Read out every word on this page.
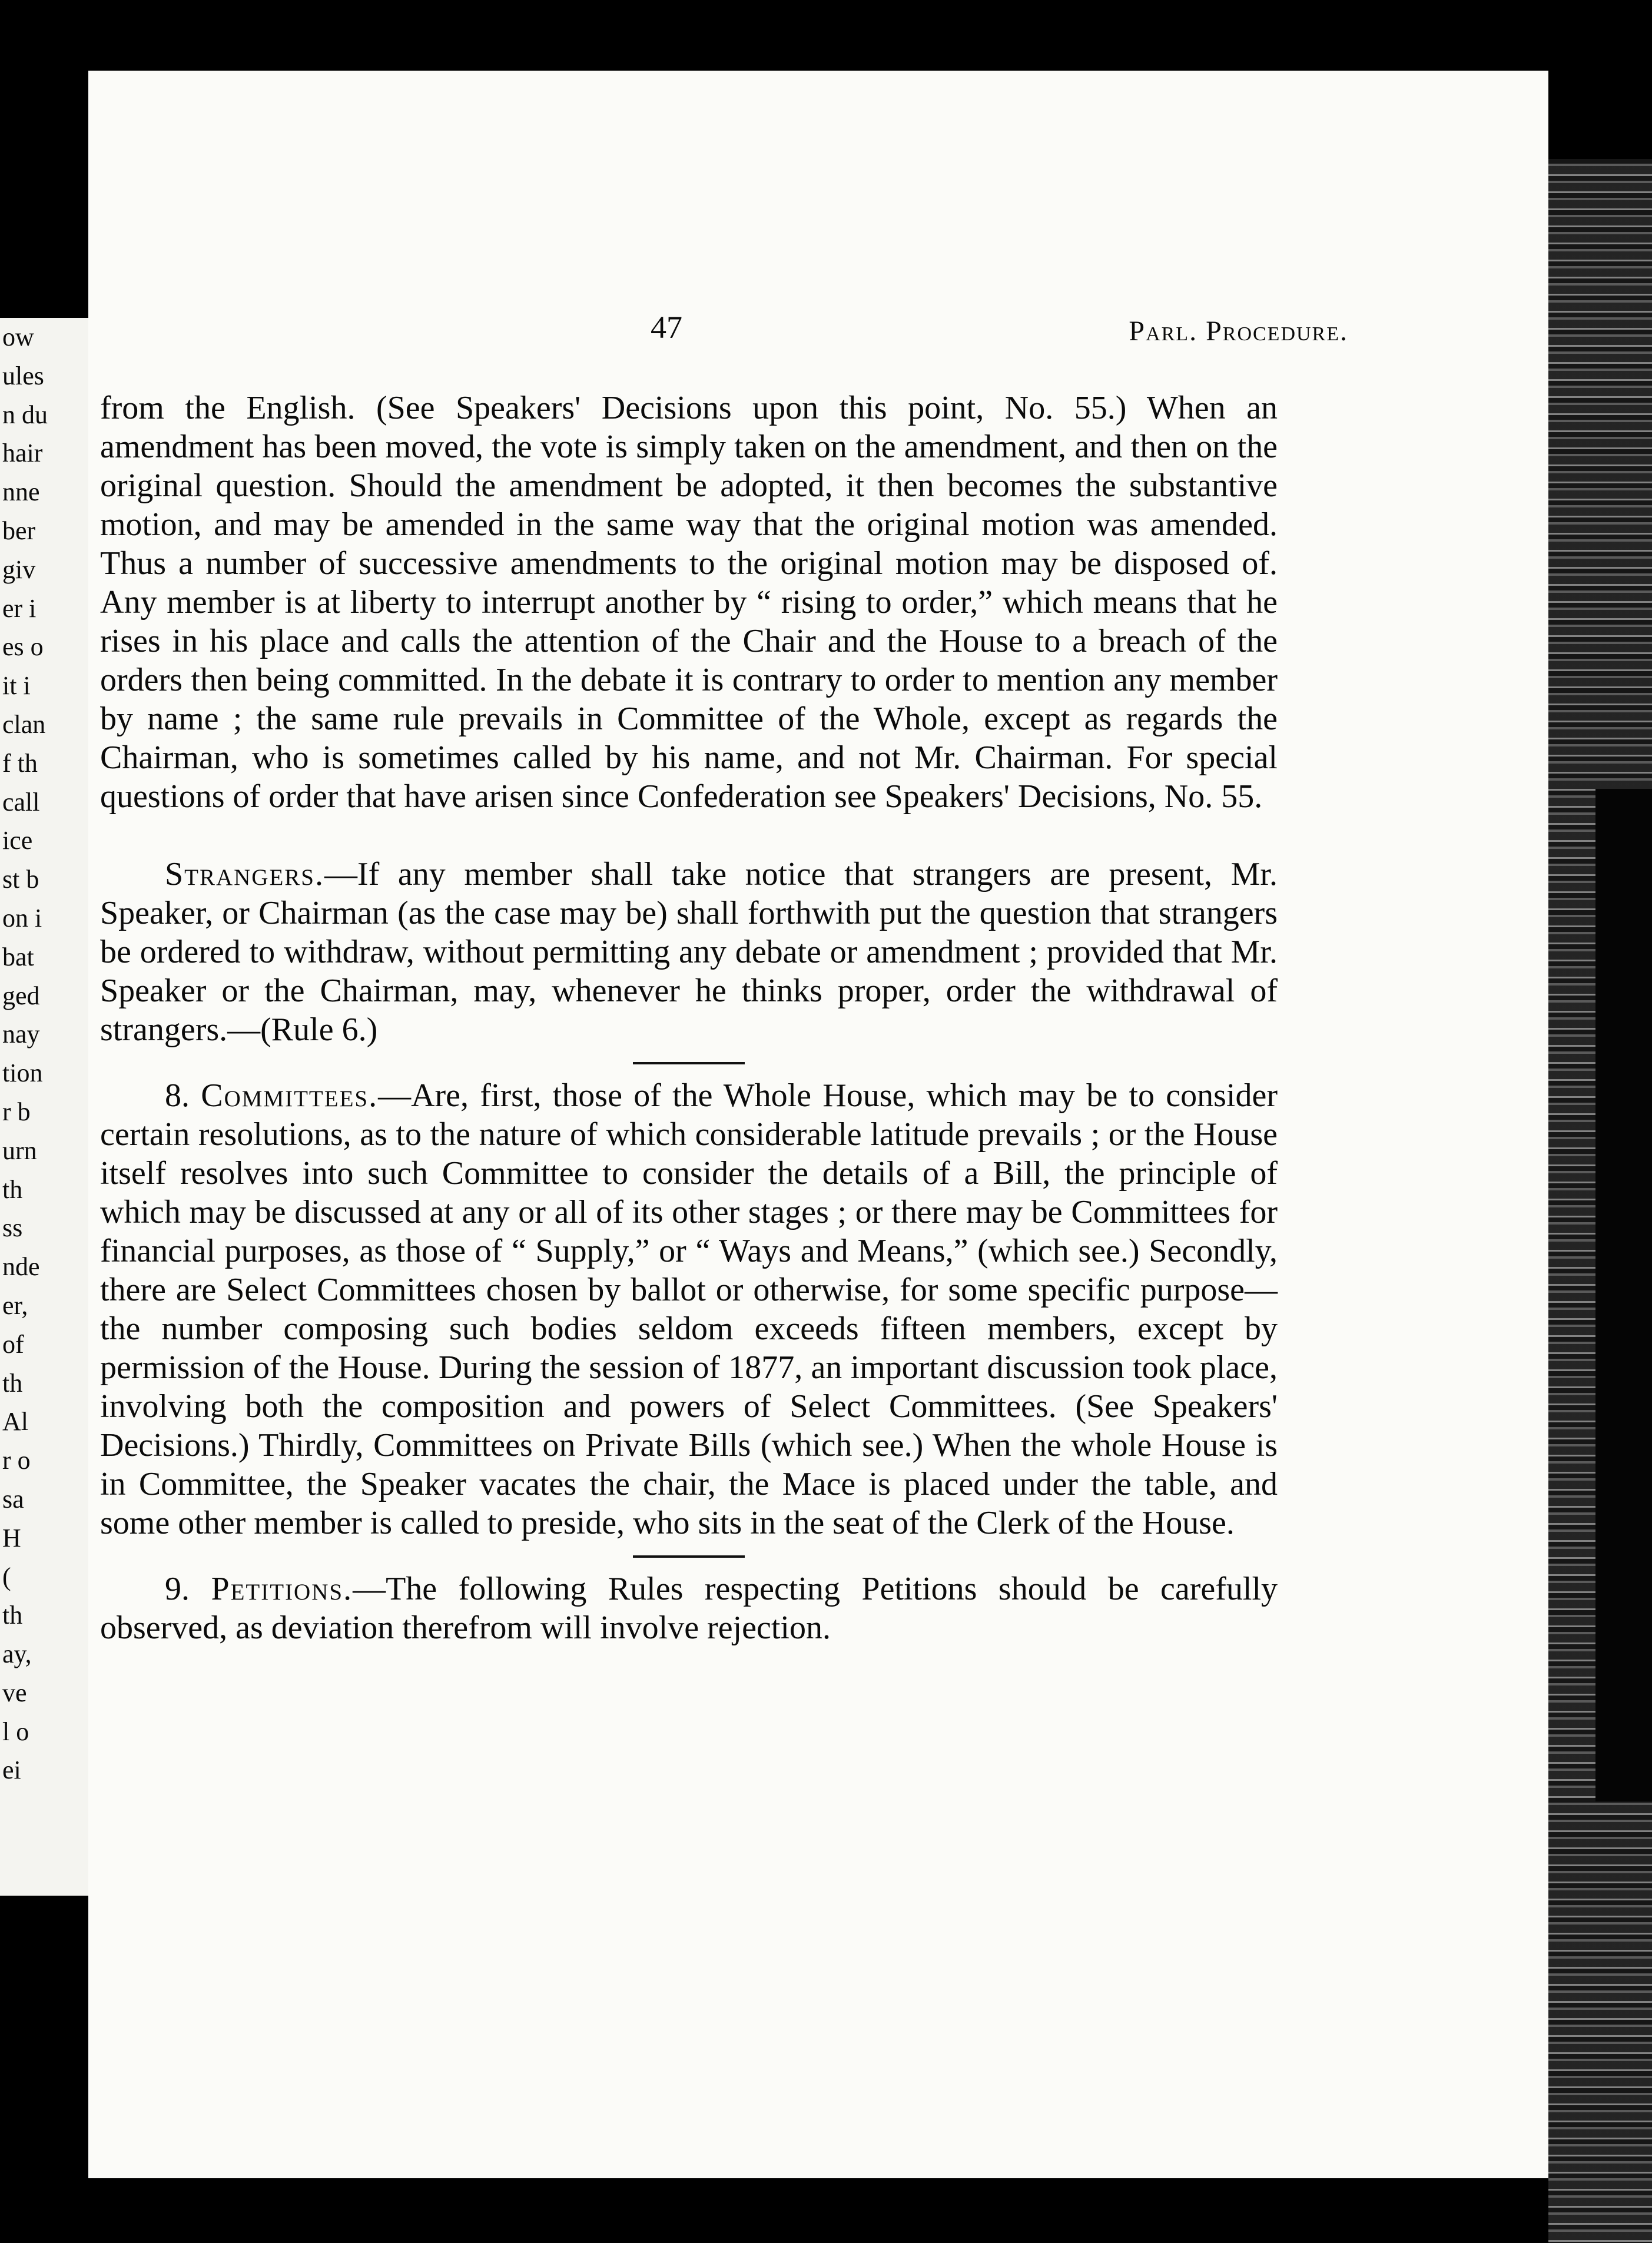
ow
ules
n du
hair
nne
ber
giv
er i
es o
it i
clan
f th
call
ice
st b
on i
bat
ged
nay
tion
r b
urn
th
ss
nde
er,
of
th
Al
r o
sa
H
(
th
ay,
ve
l o
ei
47	Parl. Procedure.

from the English. (See Speakers' Decisions upon this point, No. 55.) When an amendment has been moved, the vote is simply taken on the amendment, and then on the original question. Should the amendment be adopted, it then becomes the substantive motion, and may be amended in the same way that the original motion was amended. Thus a number of successive amendments to the original motion may be disposed of. Any member is at liberty to interrupt another by “ rising to order,” which means that he rises in his place and calls the attention of the Chair and the House to a breach of the orders then being committed. In the debate it is contrary to order to mention any member by name ; the same rule prevails in Committee of the Whole, except as regards the Chairman, who is sometimes called by his name, and not Mr. Chairman. For special questions of order that have arisen since Confederation see Speakers' Decisions, No. 55.

Strangers.—If any member shall take notice that strangers are present, Mr. Speaker, or Chairman (as the case may be) shall forthwith put the question that strangers be ordered to withdraw, without permitting any debate or amendment ; provided that Mr. Speaker or the Chairman, may, whenever he thinks proper, order the withdrawal of strangers.—(Rule 6.)
8. Committees.—Are, first, those of the Whole House, which may be to consider certain resolutions, as to the nature of which considerable latitude prevails ; or the House itself resolves into such Committee to consider the details of a Bill, the principle of which may be discussed at any or all of its other stages ; or there may be Committees for financial purposes, as those of “ Supply,” or “ Ways and Means,” (which see.) Secondly, there are Select Committees chosen by ballot or otherwise, for some specific purpose—the number composing such bodies seldom exceeds fifteen members, except by permission of the House. During the session of 1877, an important discussion took place, involving both the composition and powers of Select Committees. (See Speakers' Decisions.) Thirdly, Committees on Private Bills (which see.) When the whole House is in Committee, the Speaker vacates the chair, the Mace is placed under the table, and some other member is called to preside, who sits in the seat of the Clerk of the House.
9. Petitions.—The following Rules respecting Petitions should be carefully observed, as deviation therefrom will involve rejection.
